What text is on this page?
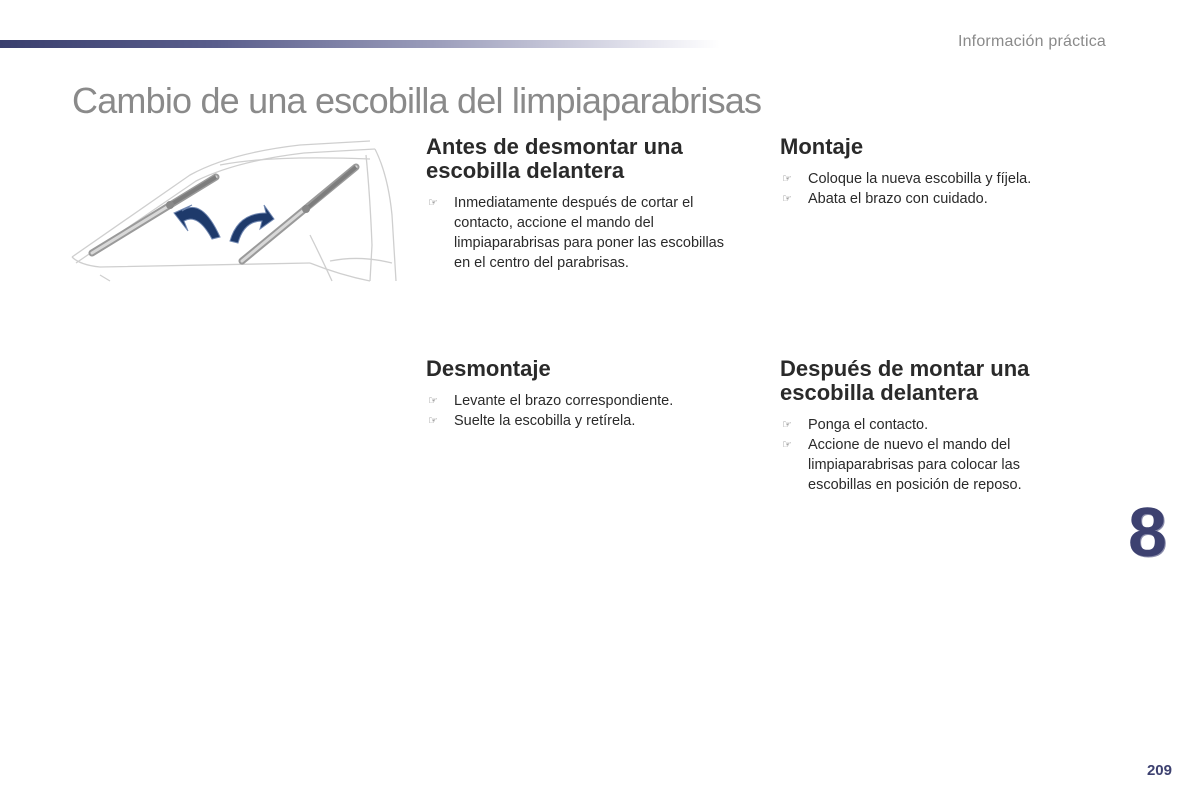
Información práctica
Cambio de una escobilla del limpiaparabrisas
Antes de desmontar una escobilla delantera
☞ Inmediatamente después de cortar el contacto, accione el mando del limpiaparabrisas para poner las escobillas en el centro del parabrisas.
Montaje
☞ Coloque la nueva escobilla y fíjela.
☞ Abata el brazo con cuidado.
Desmontaje
☞ Levante el brazo correspondiente.
☞ Suelte la escobilla y retírela.
Después de montar una escobilla delantera
☞ Ponga el contacto.
☞ Accione de nuevo el mando del limpiaparabrisas para colocar las escobillas en posición de reposo.
8
209
